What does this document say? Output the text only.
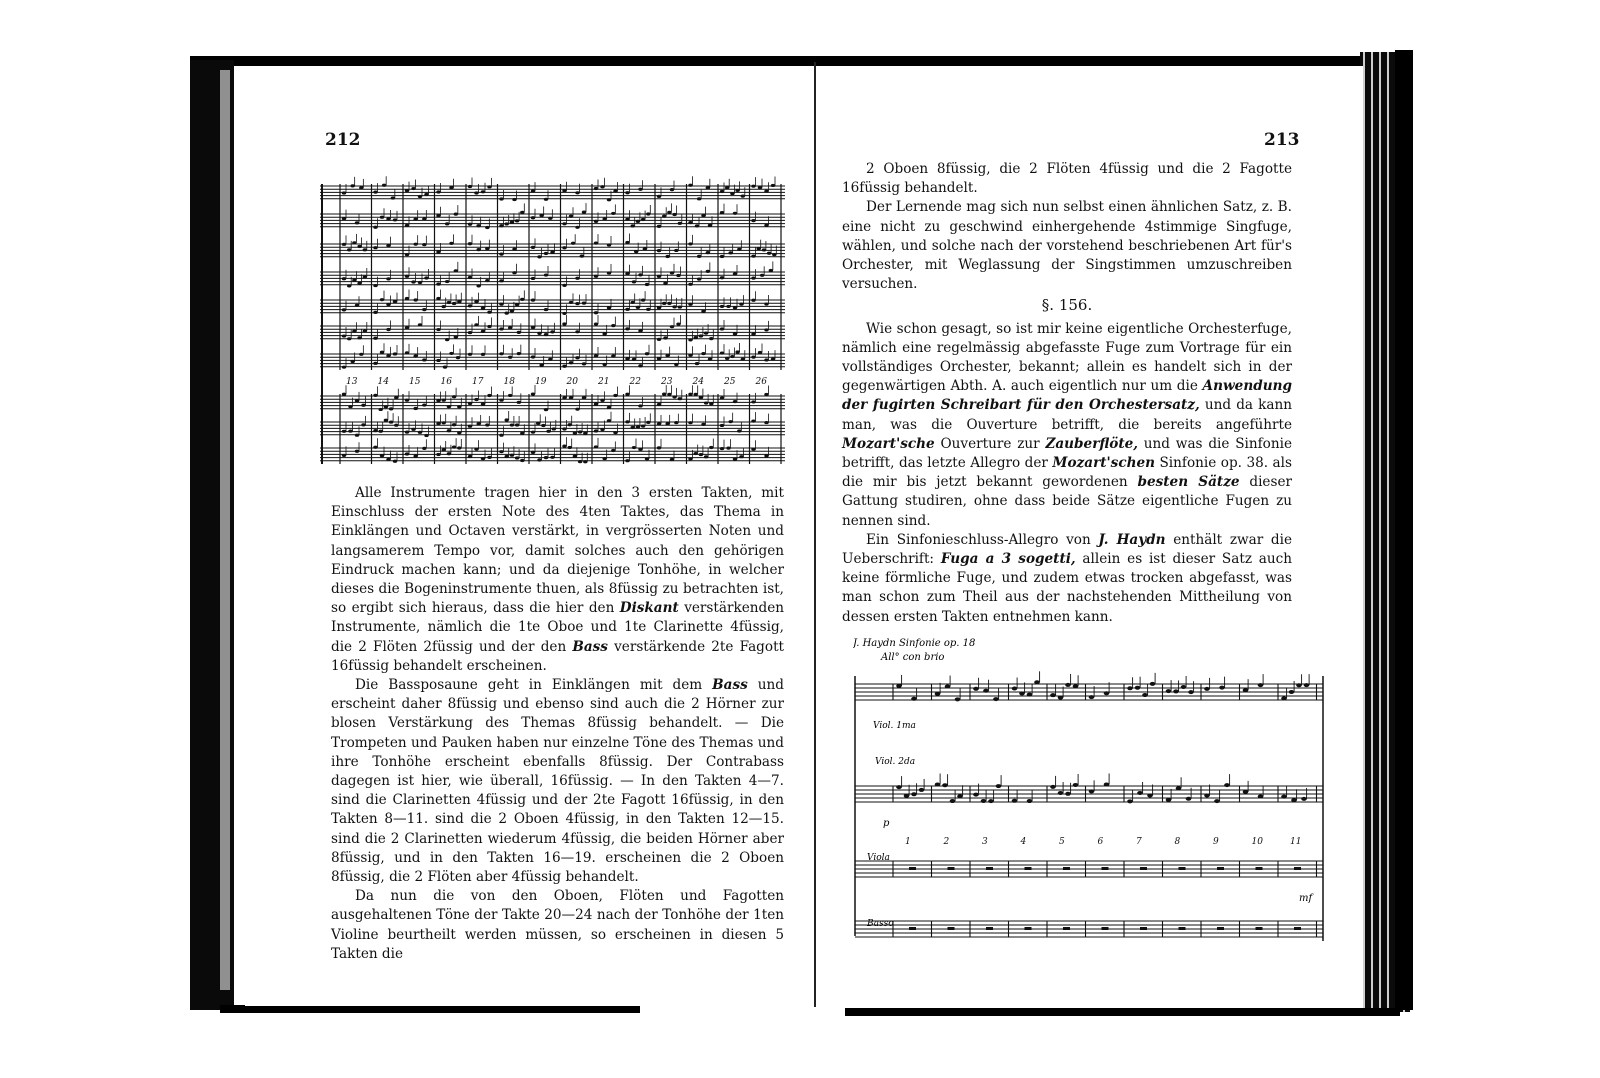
212
13 14 15 16 17 18 19 20 21 22 23 24 25 26

Alle Instrumente tragen hier in den 3 ersten Takten, mit Einschluss der ersten Note des 4ten Taktes, das Thema in Einklängen und Octaven verstärkt, in vergrösserten Noten und langsamerem Tempo vor, damit solches auch den gehörigen Eindruck machen kann; und da diejenige Tonhöhe, in welcher dieses die Bogeninstrumente thuen, als 8füssig zu betrachten ist, so ergibt sich hieraus, dass die hier den Diskant verstärkenden Instrumente, nämlich die 1te Oboe und 1te Clarinette 4füssig, die 2 Flöten 2füssig und der den Bass verstärkende 2te Fagott 16füssig behandelt erscheinen.

Die Bassposaune geht in Einklängen mit dem Bass und erscheint daher 8füssig und ebenso sind auch die 2 Hörner zur blosen Verstärkung des Themas 8füssig behandelt. — Die Trompeten und Pauken haben nur einzelne Töne des Themas und ihre Tonhöhe erscheint ebenfalls 8füssig. Der Contrabass dagegen ist hier, wie überall, 16füssig. — In den Takten 4—7. sind die Clarinetten 4füssig und der 2te Fagott 16füssig, in den Takten 8—11. sind die 2 Oboen 4füssig, in den Takten 12—15. sind die 2 Clarinetten wiederum 4füssig, die beiden Hörner aber 8füssig, und in den Takten 16—19. erscheinen die 2 Oboen 8füssig, die 2 Flöten aber 4füssig behandelt.

Da nun die von den Oboen, Flöten und Fagotten ausgehaltenen Töne der Takte 20—24 nach der Tonhöhe der 1ten Violine beurtheilt werden müssen, so erscheinen in diesen 5 Takten die

213

2 Oboen 8füssig, die 2 Flöten 4füssig und die 2 Fagotte 16füssig behandelt.

Der Lernende mag sich nun selbst einen ähnlichen Satz, z. B. eine nicht zu geschwind einhergehende 4stimmige Singfuge, wählen, und solche nach der vorstehend beschriebenen Art für's Orchester, mit Weglassung der Singstimmen umzuschreiben versuchen.

§. 156.

Wie schon gesagt, so ist mir keine eigentliche Orchesterfuge, nämlich eine regelmässig abgefasste Fuge zum Vortrage für ein vollständiges Orchester, bekannt; allein es handelt sich in der gegenwärtigen Abth. A. auch eigentlich nur um die Anwendung der fugirten Schreibart für den Orchestersatz, und da kann man, was die Ouverture betrifft, die bereits angeführte Mozart'sche Ouverture zur Zauberflöte, und was die Sinfonie betrifft, das letzte Allegro der Mozart'schen Sinfonie op. 38. als die mir bis jetzt bekannt gewordenen besten Sätze dieser Gattung studiren, ohne dass beide Sätze eigentliche Fugen zu nennen sind.

Ein Sinfonieschluss-Allegro von J. Haydn enthält zwar die Ueberschrift: Fuga a 3 sogetti, allein es ist dieser Satz auch keine förmliche Fuge, und zudem etwas trocken abgefasst, was man schon zum Theil aus der nachstehenden Mittheilung von dessen ersten Takten entnehmen kann.

J. Haydn Sinfonie op. 18
All° con brio
Viol. 1ma
Viol. 2da
p
Viola
mf
Basso
1	2	3	4	5	6	7	8	9	10	11
